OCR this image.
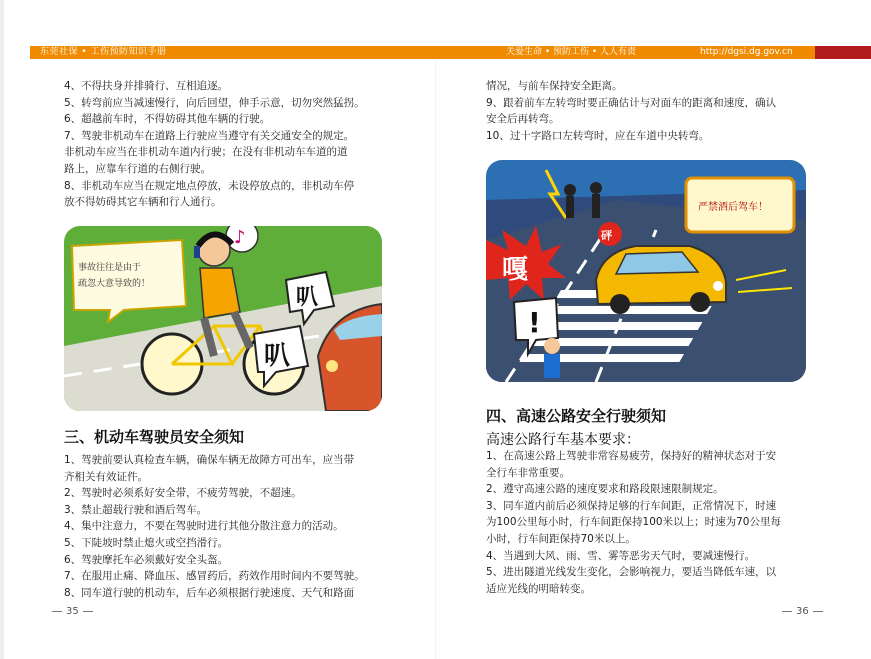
东莞社保 • 工伤预防知识手册	关爱生命 • 预防工伤 • 人人有责	http://dgsi.dg.gov.cn

4、不得扶身并排骑行、互相追逐。

5、转弯前应当减速慢行，向后回望，伸手示意，切勿突然猛拐。

6、超越前车时，不得妨碍其他车辆的行驶。

7、驾驶非机动车在道路上行驶应当遵守有关交通安全的规定。

非机动车应当在非机动车道内行驶；在没有非机动车车道的道

路上，应靠车行道的右侧行驶。

8、非机动车应当在规定地点停放，未设停放点的，非机动车停

放不得妨碍其它车辆和行人通行。

事故往往是由于
疏忽大意导致的！
♪
叭
叭
三、机动车驾驶员安全须知

1、驾驶前要认真检查车辆，确保车辆无故障方可出车，应当带

齐相关有效证件。

2、驾驶时必须系好安全带，不疲劳驾驶，不超速。

3、禁止超载行驶和酒后驾车。

4、集中注意力，不要在驾驶时进行其他分散注意力的活动。

5、下陡坡时禁止熄火或空挡滑行。

6、驾驶摩托车必须戴好安全头盔。

7、在服用止痛、降血压、感冒药后，药效作用时间内不要驾驶。

8、同车道行驶的机动车，后车必须根据行驶速度、天气和路面

35

情况，与前车保持安全距离。

9、跟着前车左转弯时要正确估计与对面车的距离和速度，确认

安全后再转弯。

10、过十字路口左转弯时，应在车道中央转弯。

严禁酒后驾车！
砰
嘎
!
四、高速公路安全行驶须知
高速公路行车基本要求：

1、在高速公路上驾驶非常容易疲劳，保持好的精神状态对于安

全行车非常重要。

2、遵守高速公路的速度要求和路段限速限制规定。

3、同车道内前后必须保持足够的行车间距，正常情况下，时速

为100公里每小时，行车间距保持100米以上；时速为70公里每

小时，行车间距保持70米以上。

4、当遇到大风、雨、雪、雾等恶劣天气时，要减速慢行。

5、进出隧道光线发生变化，会影响视力，要适当降低车速，以

适应光线的明暗转变。

36
